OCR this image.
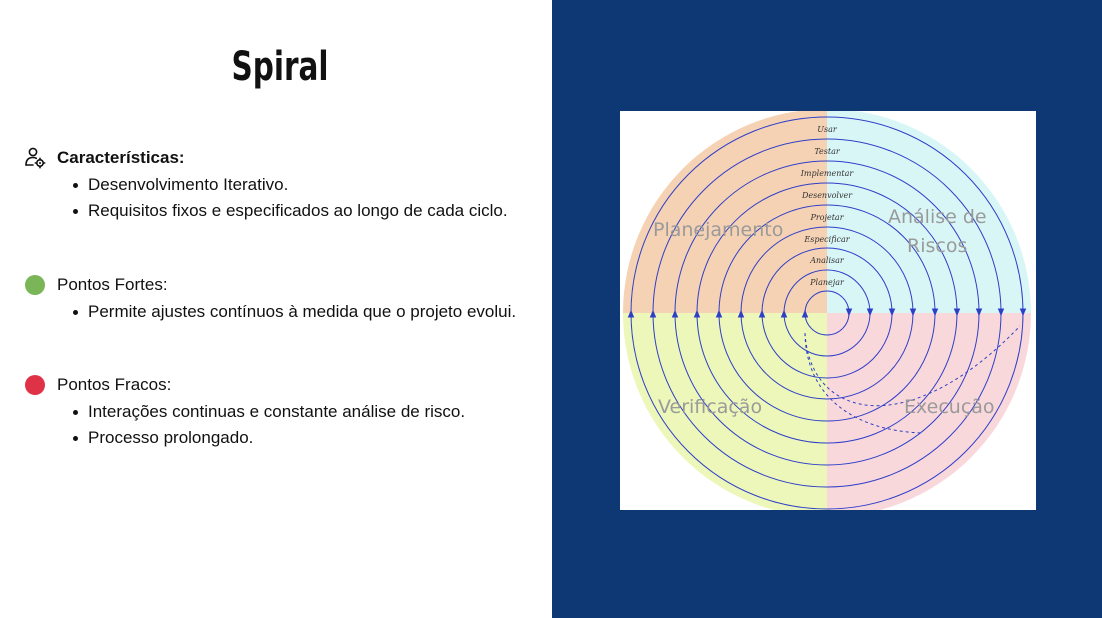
Spiral
Características:
Desenvolvimento Iterativo.
Requisitos fixos e especificados ao longo de cada ciclo.
Pontos Fortes:
Permite ajustes contínuos à medida que o projeto evolui.
Pontos Fracos:
Interações continuas e constante análise de risco.
Processo prolongado.
Usar
Testar
Implementar
Desenvolver
Projetar
Especificar
Analisar
Planejar
Planejamento
Análise de
Riscos
Verificação	Execução
